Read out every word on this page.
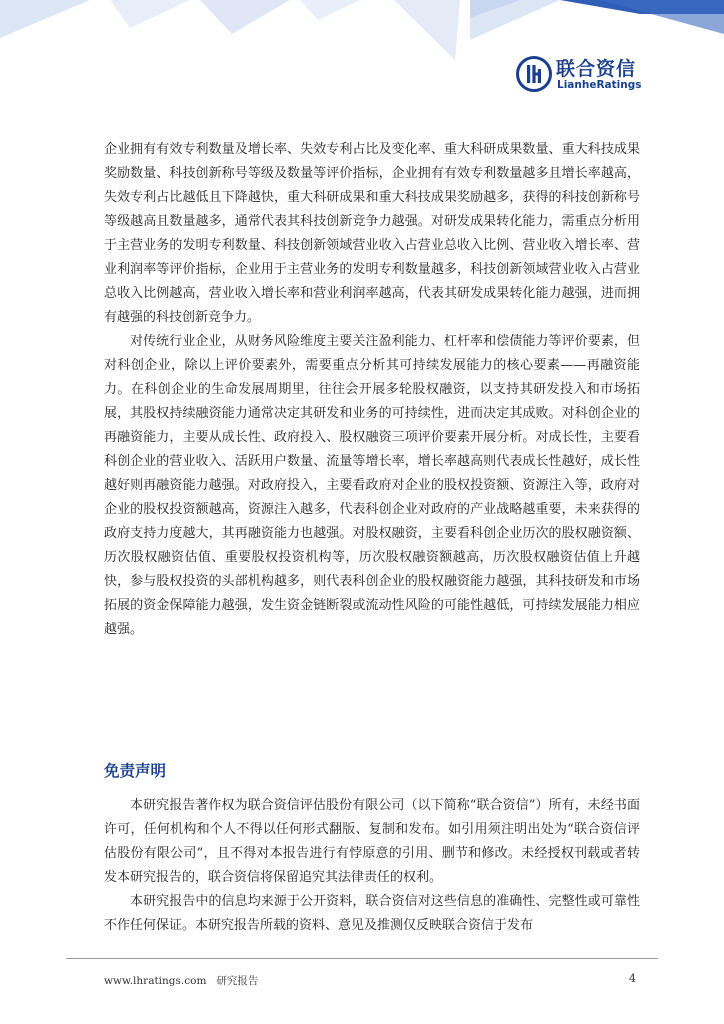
联合资信
LianheRatings

企业拥有有效专利数量及增长率、失效专利占比及变化率、重大科研成果数量、重大科技成果奖励数量、科技创新称号等级及数量等评价指标，企业拥有有效专利数量越多且增长率越高，失效专利占比越低且下降越快，重大科研成果和重大科技成果奖励越多，获得的科技创新称号等级越高且数量越多，通常代表其科技创新竞争力越强。对研发成果转化能力，需重点分析用于主营业务的发明专利数量、科技创新领域营业收入占营业总收入比例、营业收入增长率、营业利润率等评价指标，企业用于主营业务的发明专利数量越多，科技创新领域营业收入占营业总收入比例越高，营业收入增长率和营业利润率越高，代表其研发成果转化能力越强，进而拥有越强的科技创新竞争力。

对传统行业企业，从财务风险维度主要关注盈利能力、杠杆率和偿债能力等评价要素，但对科创企业，除以上评价要素外，需要重点分析其可持续发展能力的核心要素——再融资能力。在科创企业的生命发展周期里，往往会开展多轮股权融资，以支持其研发投入和市场拓展，其股权持续融资能力通常决定其研发和业务的可持续性，进而决定其成败。对科创企业的再融资能力，主要从成长性、政府投入、股权融资三项评价要素开展分析。对成长性，主要看科创企业的营业收入、活跃用户数量、流量等增长率，增长率越高则代表成长性越好，成长性越好则再融资能力越强。对政府投入，主要看政府对企业的股权投资额、资源注入等，政府对企业的股权投资额越高，资源注入越多，代表科创企业对政府的产业战略越重要，未来获得的政府支持力度越大，其再融资能力也越强。对股权融资，主要看科创企业历次的股权融资额、历次股权融资估值、重要股权投资机构等，历次股权融资额越高，历次股权融资估值上升越快，参与股权投资的头部机构越多，则代表科创企业的股权融资能力越强，其科技研发和市场拓展的资金保障能力越强，发生资金链断裂或流动性风险的可能性越低，可持续发展能力相应越强。

免责声明

本研究报告著作权为联合资信评估股份有限公司（以下简称“联合资信”）所有，未经书面许可，任何机构和个人不得以任何形式翻版、复制和发布。如引用须注明出处为“联合资信评估股份有限公司”，且不得对本报告进行有悖原意的引用、删节和修改。未经授权刊载或者转发本研究报告的，联合资信将保留追究其法律责任的权利。

本研究报告中的信息均来源于公开资料，联合资信对这些信息的准确性、完整性或可靠性不作任何保证。本研究报告所载的资料、意见及推测仅反映联合资信于发布

www.lhratings.com 研究报告	4
